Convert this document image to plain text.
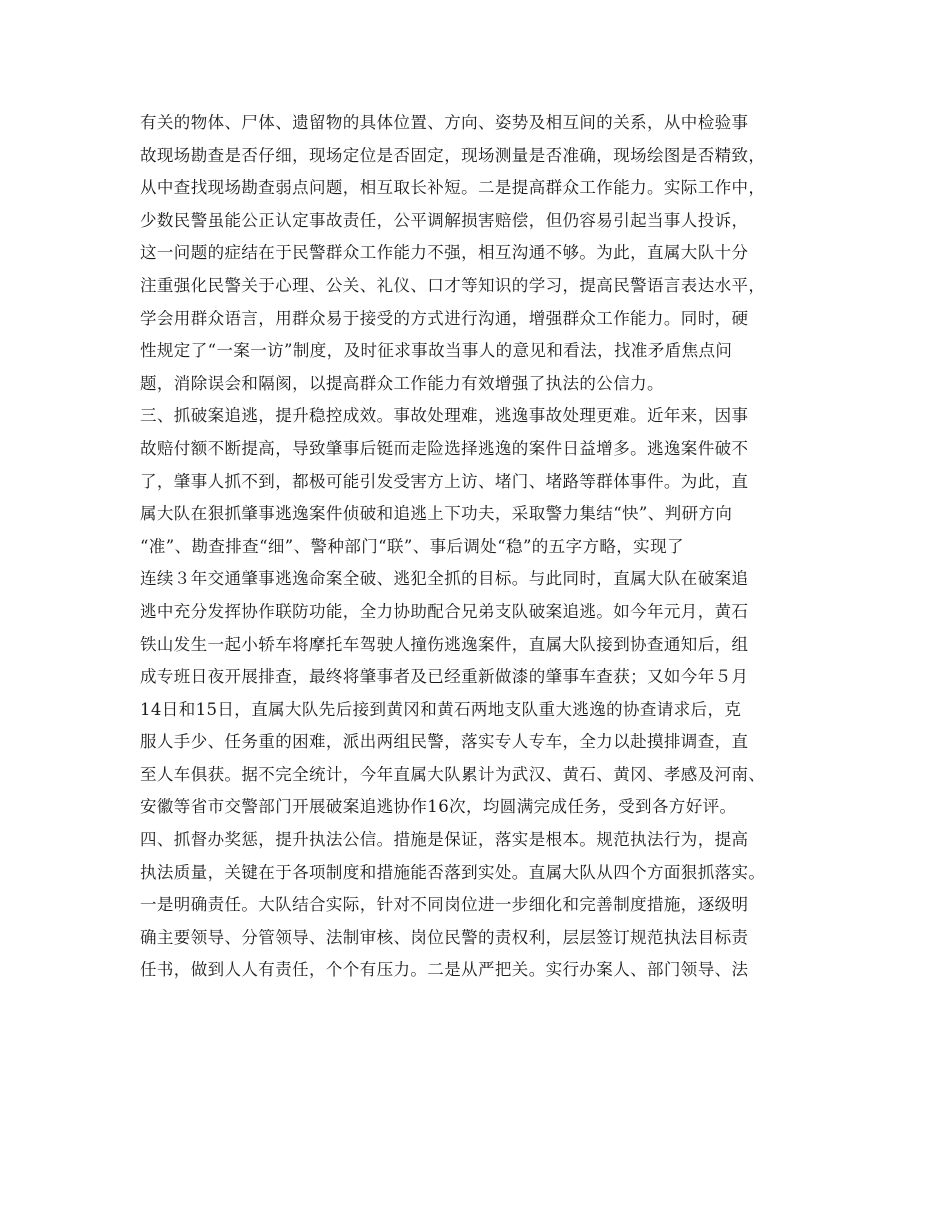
有关的物体、尸体、遗留物的具体位置、方向、姿势及相互间的关系，从中检验事
故现场勘查是否仔细，现场定位是否固定，现场测量是否准确，现场绘图是否精致，
从中查找现场勘查弱点问题，相互取长补短。二是提高群众工作能力。实际工作中，
少数民警虽能公正认定事故责任，公平调解损害赔偿，但仍容易引起当事人投诉，
这一问题的症结在于民警群众工作能力不强，相互沟通不够。为此，直属大队十分
注重强化民警关于心理、公关、礼仪、口才等知识的学习，提高民警语言表达水平，
学会用群众语言，用群众易于接受的方式进行沟通，增强群众工作能力。同时，硬
性规定了“一案一访”制度，及时征求事故当事人的意见和看法，找准矛盾焦点问
题，消除误会和隔阂，以提高群众工作能力有效增强了执法的公信力。
三、抓破案追逃，提升稳控成效。事故处理难，逃逸事故处理更难。近年来，因事
故赔付额不断提高，导致肇事后铤而走险选择逃逸的案件日益增多。逃逸案件破不
了，肇事人抓不到，都极可能引发受害方上访、堵门、堵路等群体事件。为此，直
属大队在狠抓肇事逃逸案件侦破和追逃上下功夫，采取警力集结“快”、判研方向
“准”、勘查排查“细”、警种部门“联”、事后调处“稳”的五字方略，实现了
连续３年交通肇事逃逸命案全破、逃犯全抓的目标。与此同时，直属大队在破案追
逃中充分发挥协作联防功能，全力协助配合兄弟支队破案追逃。如今年元月，黄石
铁山发生一起小轿车将摩托车驾驶人撞伤逃逸案件，直属大队接到协查通知后，组
成专班日夜开展排查，最终将肇事者及已经重新做漆的肇事车查获；又如今年５月
14日和15日，直属大队先后接到黄冈和黄石两地支队重大逃逸的协查请求后，克
服人手少、任务重的困难，派出两组民警，落实专人专车，全力以赴摸排调查，直
至人车俱获。据不完全统计，今年直属大队累计为武汉、黄石、黄冈、孝感及河南、
安徽等省市交警部门开展破案追逃协作16次，均圆满完成任务，受到各方好评。
四、抓督办奖惩，提升执法公信。措施是保证，落实是根本。规范执法行为，提高
执法质量，关键在于各项制度和措施能否落到实处。直属大队从四个方面狠抓落实。
一是明确责任。大队结合实际，针对不同岗位进一步细化和完善制度措施，逐级明
确主要领导、分管领导、法制审核、岗位民警的责权利，层层签订规范执法目标责
任书，做到人人有责任，个个有压力。二是从严把关。实行办案人、部门领导、法
